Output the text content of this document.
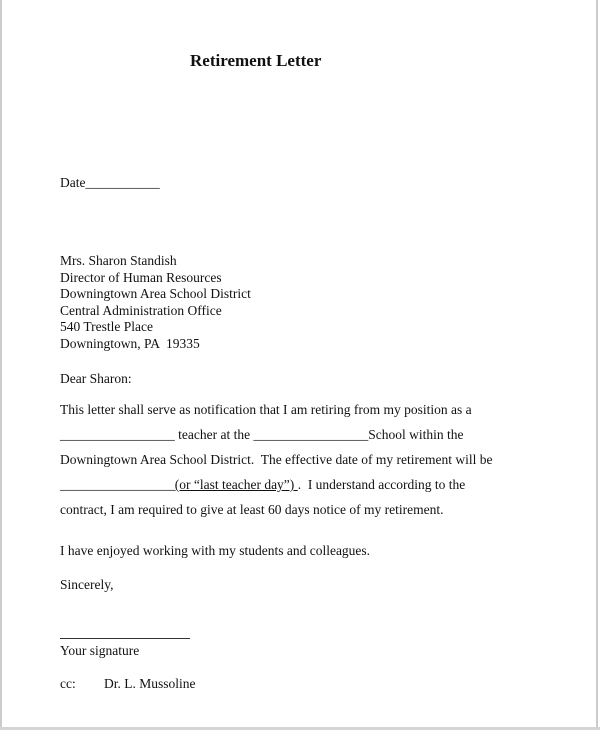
Retirement Letter
Date___________
Mrs. Sharon Standish
Director of Human Resources
Downingtown Area School District
Central Administration Office
540 Trestle Place
Downingtown, PA  19335
Dear Sharon:
This letter shall serve as notification that I am retiring from my position as a
_________________ teacher at the _________________School within the
Downingtown Area School District.  The effective date of my retirement will be
_________________(or “last teacher day”) .  I understand according to the
contract, I am required to give at least 60 days notice of my retirement.
I have enjoyed working with my students and colleagues.
Sincerely,
Your signature
cc: Dr. L. Mussoline
